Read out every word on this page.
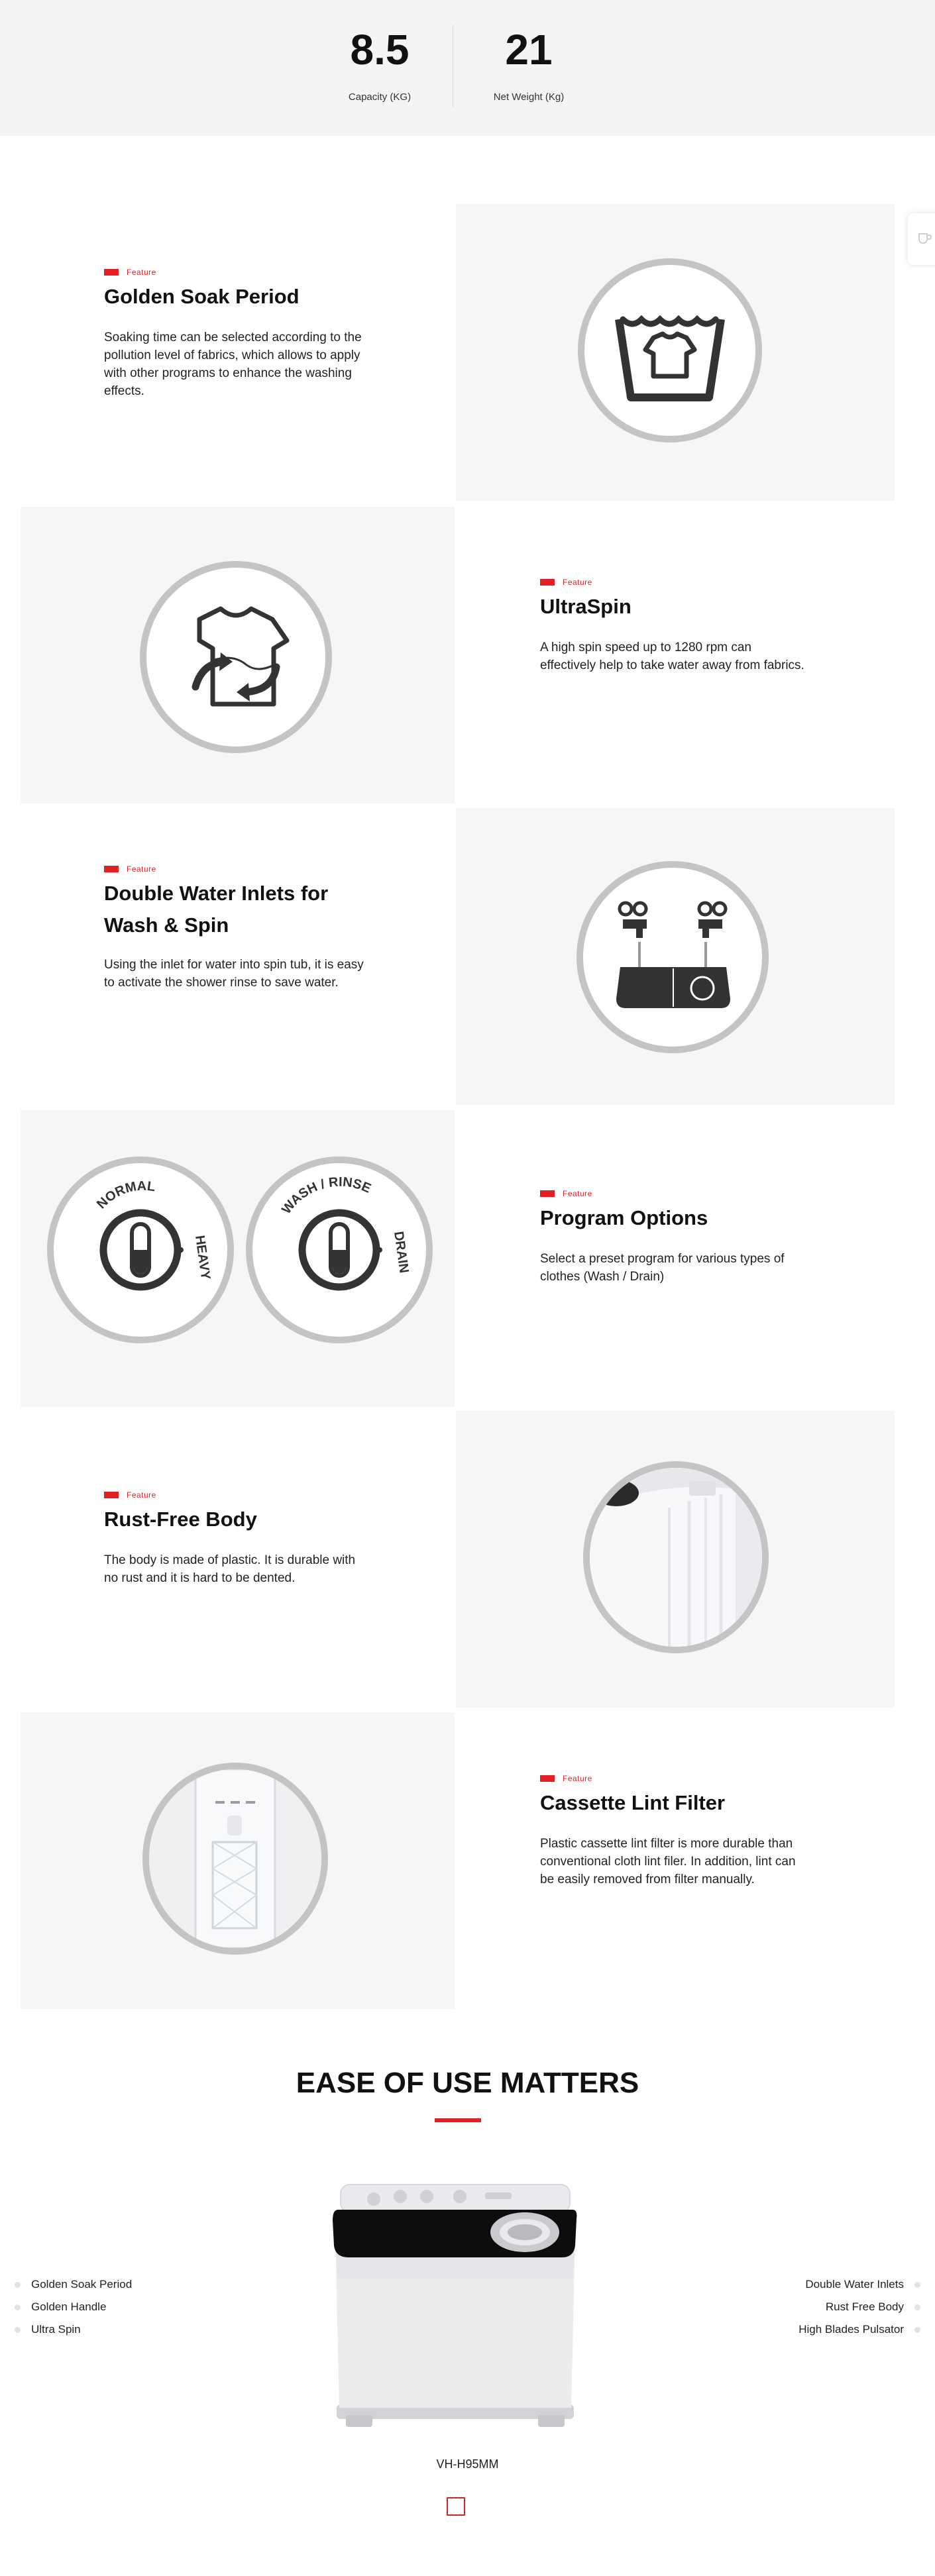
8.5
Capacity (KG)
21
Net Weight (Kg)
Feature
Golden Soak Period
Soaking time can be selected according to the pollution level of fabrics, which allows to apply with other programs to enhance the washing effects.
Feature
UltraSpin
A high spin speed up to 1280 rpm can effectively help to take water away from fabrics.
Feature
Double Water Inlets for Wash & Spin
Using the inlet for water into spin tub, it is easy to activate the shower rinse to save water.
NORMAL
HEAVY
WASH / RINSE
DRAIN
Feature
Program Options
Select a preset program for various types of clothes (Wash / Drain)
Feature
Rust-Free Body
The body is made of plastic. It is durable with no rust and it is hard to be dented.
Feature
Cassette Lint Filter
Plastic cassette lint filter is more durable than conventional cloth lint filer. In addition, lint can be easily removed from filter manually.
EASE OF USE MATTERS
Golden Soak Period
Golden Handle
Ultra Spin
Double Water Inlets
Rust Free Body
High Blades Pulsator
VH-H95MM
